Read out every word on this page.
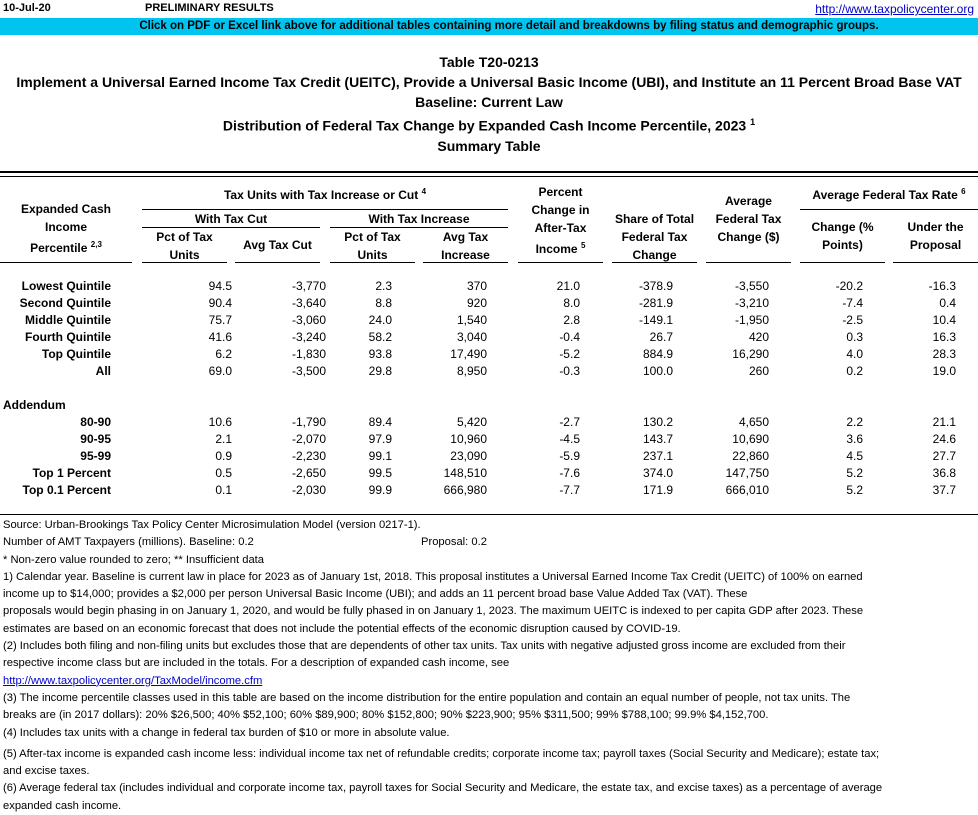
10-Jul-20	PRELIMINARY RESULTS	http://www.taxpolicycenter.org
Click on PDF or Excel link above for additional tables containing more detail and breakdowns by filing status and demographic groups.
Table T20-0213
Implement a Universal Earned Income Tax Credit (UEITC), Provide a Universal Basic Income (UBI), and Institute an 11 Percent Broad Base VAT
Baseline: Current Law
Distribution of Federal Tax Change by Expanded Cash Income Percentile, 2023 $^1$
Summary Table
Expanded Cash Income
Percentile $^{2,3}$
Tax Units with Tax Increase or Cut $^4$
With Tax Cut	With Tax Increase
Pct of Tax
Units
Avg Tax Cut
Pct of Tax
Units
Avg Tax
Increase
Percent
Change in
After-Tax
Income $^5$
Share of Total
Federal Tax
Change
Average
Federal Tax
Change ($)
Average Federal Tax Rate $^6$
Change (%
Points)
Under the
Proposal
Lowest Quintile	94.5	-3,770	2.3	370	21.0	-378.9	-3,550	-20.2	-16.3
Second Quintile	90.4	-3,640	8.8	920	8.0	-281.9	-3,210	-7.4	0.4
Middle Quintile	75.7	-3,060	24.0	1,540	2.8	-149.1	-1,950	-2.5	10.4
Fourth Quintile	41.6	-3,240	58.2	3,040	-0.4	26.7	420	0.3	16.3
Top Quintile	6.2	-1,830	93.8	17,490	-5.2	884.9	16,290	4.0	28.3
All	69.0	-3,500	29.8	8,950	-0.3	100.0	260	0.2	19.0
Addendum
80-90	10.6	-1,790	89.4	5,420	-2.7	130.2	4,650	2.2	21.1
90-95	2.1	-2,070	97.9	10,960	-4.5	143.7	10,690	3.6	24.6
95-99	0.9	-2,230	99.1	23,090	-5.9	237.1	22,860	4.5	27.7
Top 1 Percent	0.5	-2,650	99.5	148,510	-7.6	374.0	147,750	5.2	36.8
Top 0.1 Percent	0.1	-2,030	99.9	666,980	-7.7	171.9	666,010	5.2	37.7

Source: Urban-Brookings Tax Policy Center Microsimulation Model (version 0217-1).

Number of AMT Taxpayers (millions). Baseline: 0.2	Proposal: 0.2

* Non-zero value rounded to zero; ** Insufficient data

1) Calendar year. Baseline is current law in place for 2023 as of January 1st, 2018. This proposal institutes a Universal Earned Income Tax Credit (UEITC) of 100% on earned

income up to $14,000; provides a $2,000 per person Universal Basic Income (UBI); and adds an 11 percent broad base Value Added Tax (VAT). These

proposals would begin phasing in on January 1, 2020, and would be fully phased in on January 1, 2023. The maximum UEITC is indexed to per capita GDP after 2023. These

estimates are based on an economic forecast that does not include the potential effects of the economic disruption caused by COVID-19.

(2) Includes both filing and non-filing units but excludes those that are dependents of other tax units. Tax units with negative adjusted gross income are excluded from their

respective income class but are included in the totals. For a description of expanded cash income, see

http://www.taxpolicycenter.org/TaxModel/income.cfm

(3) The income percentile classes used in this table are based on the income distribution for the entire population and contain an equal number of people, not tax units. The

breaks are (in 2017 dollars): 20% $26,500; 40% $52,100; 60% $89,900; 80% $152,800; 90% $223,900; 95% $311,500; 99% $788,100; 99.9% $4,152,700.

(4) Includes tax units with a change in federal tax burden of $10 or more in absolute value.

(5) After-tax income is expanded cash income less: individual income tax net of refundable credits; corporate income tax; payroll taxes (Social Security and Medicare); estate tax;

and excise taxes.

(6) Average federal tax (includes individual and corporate income tax, payroll taxes for Social Security and Medicare, the estate tax, and excise taxes) as a percentage of average

expanded cash income.
